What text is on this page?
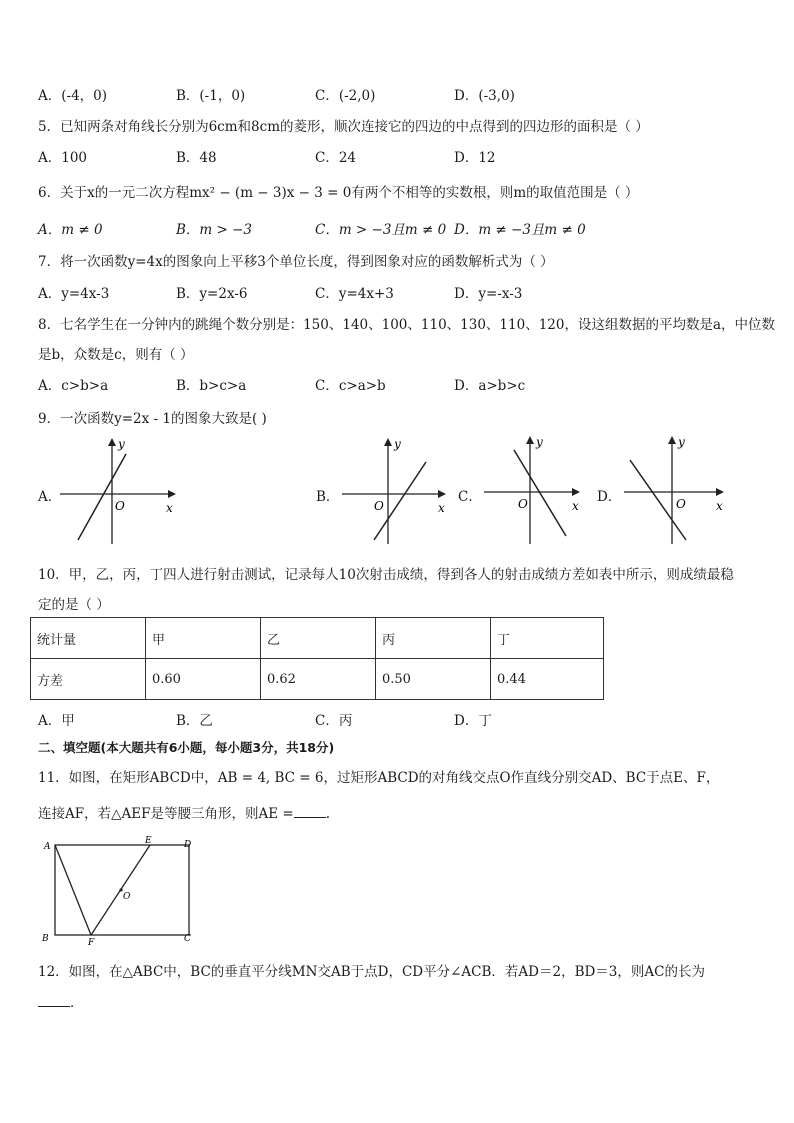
A．(-4，0)	B．(-1，0)	C．(-2,0)	D．(-3,0)
5．已知两条对角线长分别为6cm和8cm的菱形，顺次连接它的四边的中点得到的四边形的面积是（ ）
A．100	B．48	C．24	D．12
6．关于x的一元二次方程mx² − (m − 3)x − 3 = 0有两个不相等的实数根，则m的取值范围是（ ）
A．m ≠ 0	B．m > −3	C．m > −3且m ≠ 0 D．m ≠ −3且m ≠ 0
7．将一次函数y=4x的图象向上平移3个单位长度，得到图象对应的函数解析式为（ ）
A．y=4x-3	B．y=2x-6	C．y=4x+3	D．y=-x-3
8．七名学生在一分钟内的跳绳个数分别是：150、140、100、110、130、110、120，设这组数据的平均数是a，中位数
是b，众数是c，则有（ ）
A．c>b>a	B．b>c>a	C．c>a>b	D．a>b>c
9．一次函数y=2x - 1的图象大致是( )
A．
y
x
O
B．
y
x
O
C．
y
x
O	D．
y
x
O
10．甲，乙，丙，丁四人进行射击测试，记录每人10次射击成绩，得到各人的射击成绩方差如表中所示，则成绩最稳
定的是（ ）
统计量	甲	乙	丙	丁
方差	0.60	0.62	0.50	0.44
A．甲	B．乙	C．丙	D．丁
二、填空题(本大题共有6小题，每小题3分，共18分)
11．如图，在矩形ABCD中，AB = 4, BC = 6，过矩形ABCD的对角线交点O作直线分别交AD、BC于点E、F，
连接AF，若△AEF是等腰三角形，则AE = .
A
B	C
D
E
F
O
12．如图，在△ABC中，BC的垂直平分线MN交AB于点D，CD平分∠ACB．若AD＝2，BD＝3，则AC的长为
．
